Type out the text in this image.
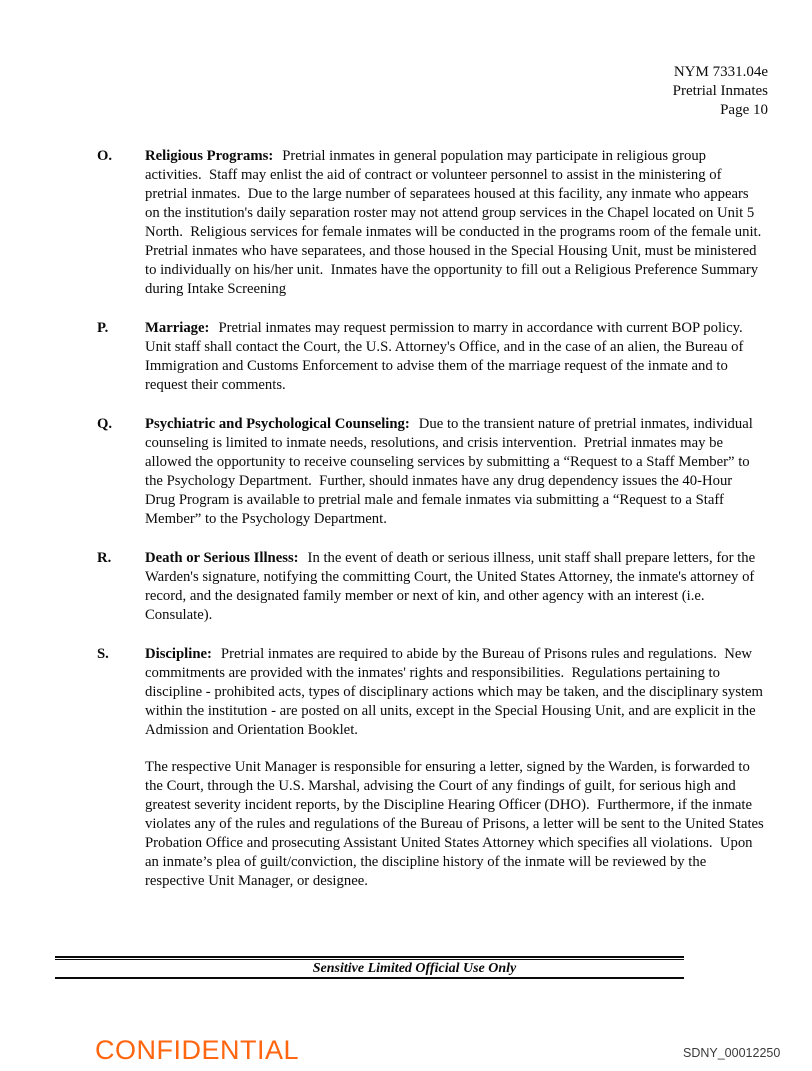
NYM 7331.04e
Pretrial Inmates
Page 10
O.	Religious Programs: Pretrial inmates in general population may participate in religious group activities.  Staff may enlist the aid of contract or volunteer personnel to assist in the ministering of pretrial inmates.  Due to the large number of separatees housed at this facility, any inmate who appears on the institution's daily separation roster may not attend group services in the Chapel located on Unit 5 North.  Religious services for female inmates will be conducted in the programs room of the female unit.  Pretrial inmates who have separatees, and those housed in the Special Housing Unit, must be ministered to individually on his/her unit.  Inmates have the opportunity to fill out a Religious Preference Summary during Intake Screening

P.	Marriage: Pretrial inmates may request permission to marry in accordance with current BOP policy.  Unit staff shall contact the Court, the U.S. Attorney's Office, and in the case of an alien, the Bureau of Immigration and Customs Enforcement to advise them of the marriage request of the inmate and to request their comments.

Q.	Psychiatric and Psychological Counseling: Due to the transient nature of pretrial inmates, individual counseling is limited to inmate needs, resolutions, and crisis intervention.  Pretrial inmates may be allowed the opportunity to receive counseling services by submitting a “Request to a Staff Member” to the Psychology Department.  Further, should inmates have any drug dependency issues the 40-Hour Drug Program is available to pretrial male and female inmates via submitting a “Request to a Staff Member” to the Psychology Department.

R.	Death or Serious Illness: In the event of death or serious illness, unit staff shall prepare letters, for the Warden's signature, notifying the committing Court, the United States Attorney, the inmate's attorney of record, and the designated family member or next of kin, and other agency with an interest (i.e. Consulate).

S.	Discipline: Pretrial inmates are required to abide by the Bureau of Prisons rules and regulations.  New commitments are provided with the inmates' rights and responsibilities.  Regulations pertaining to discipline - prohibited acts, types of disciplinary actions which may be taken, and the disciplinary system within the institution - are posted on all units, except in the Special Housing Unit, and are explicit in the Admission and Orientation Booklet.

The respective Unit Manager is responsible for ensuring a letter, signed by the Warden, is forwarded to the Court, through the U.S. Marshal, advising the Court of any findings of guilt, for serious high and greatest severity incident reports, by the Discipline Hearing Officer (DHO).  Furthermore, if the inmate violates any of the rules and regulations of the Bureau of Prisons, a letter will be sent to the United States Probation Office and prosecuting Assistant United States Attorney which specifies all violations.  Upon an inmate’s plea of guilt/conviction, the discipline history of the inmate will be reviewed by the respective Unit Manager, or designee.

Sensitive Limited Official Use Only
CONFIDENTIAL	SDNY_00012250
